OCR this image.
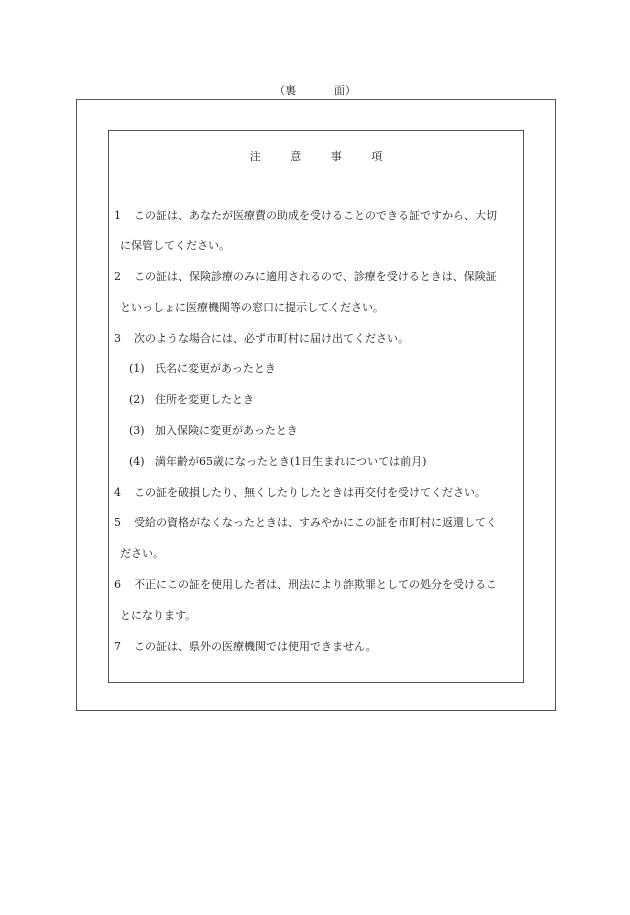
（裏	面）
注	意	事	項
1 この証は、あなたが医療費の助成を受けることのできる証ですから、大切
に保管してください。
2 この証は、保険診療のみに適用されるので、診療を受けるときは、保険証
といっしょに医療機関等の窓口に提示してください。
3 次のような場合には、必ず市町村に届け出てください。
(1) 氏名に変更があったとき
(2) 住所を変更したとき
(3) 加入保険に変更があったとき
(4) 満年齢が65歳になったとき(1日生まれについては前月)
4 この証を破損したり、無くしたりしたときは再交付を受けてください。
5 受給の資格がなくなったときは、すみやかにこの証を市町村に返還してく
ださい。
6 不正にこの証を使用した者は、刑法により詐欺罪としての処分を受けるこ
とになります。
7 この証は、県外の医療機関では使用できません。
